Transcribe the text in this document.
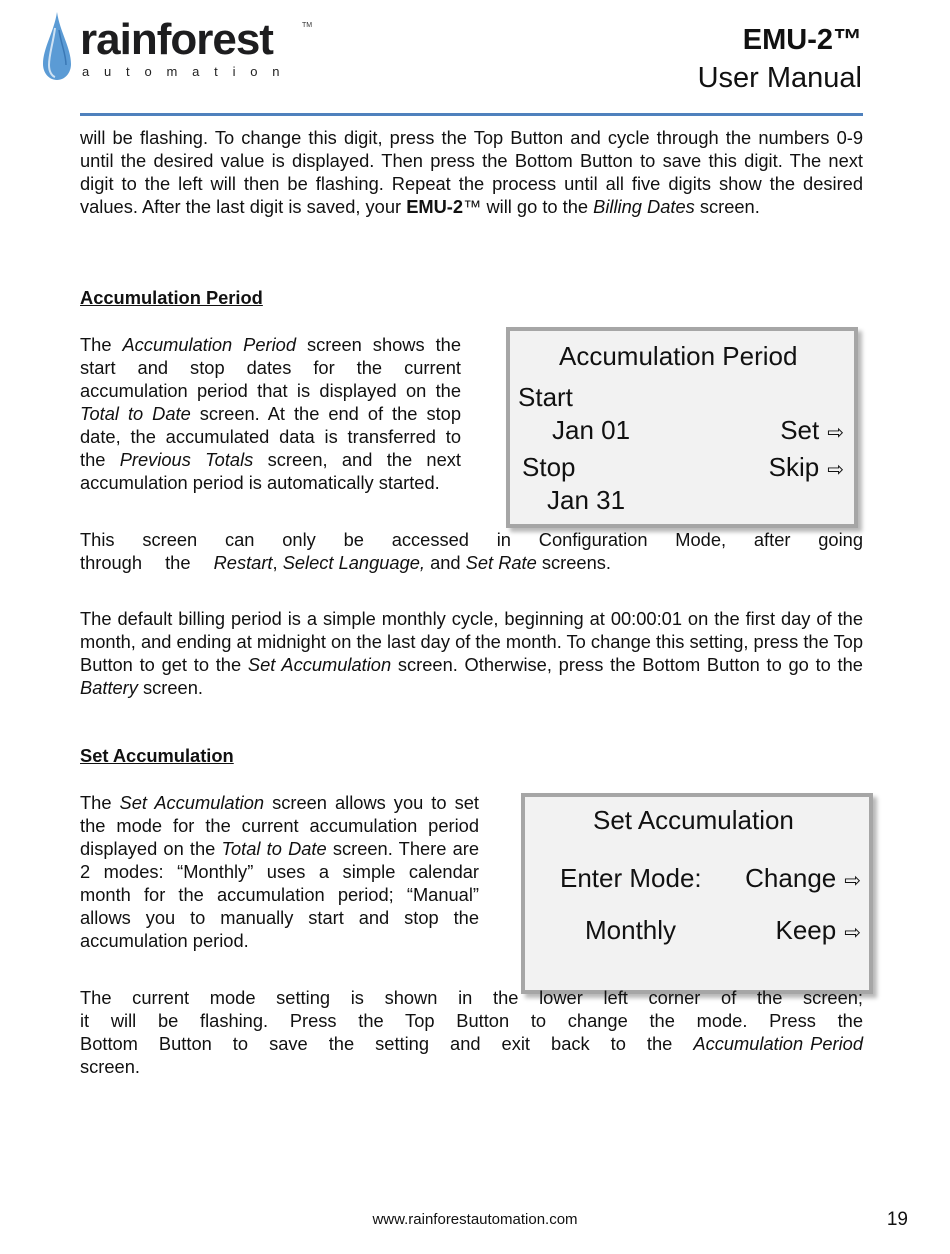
rainforest	TM
automation
EMU-2™
User Manual

will be flashing. To change this digit, press the Top Button and cycle through the numbers 0-9 until the desired value is displayed. Then press the Bottom Button to save this digit. The next digit to the left will then be flashing. Repeat the process until all five digits show the desired values. After the last digit is saved, your EMU-2™ will go to the Billing Dates screen.

Accumulation Period

The Accumulation Period screen shows the start and stop dates for the current accumulation period that is displayed on the Total to Date screen. At the end of the stop date, the accumulated data is transferred to the Previous Totals screen, and the next accumulation period is automatically started.

Accumulation Period
Start
Jan 01	Set ⇨
Stop	Skip ⇨
Jan 31

This screen can only be accessed in Configuration Mode, after going through the Restart, Select Language, and Set Rate screens.

The default billing period is a simple monthly cycle, beginning at 00:00:01 on the first day of the month, and ending at midnight on the last day of the month. To change this setting, press the Top Button to get to the Set Accumulation screen. Otherwise, press the Bottom Button to go to the Battery screen.

Set Accumulation

The Set Accumulation screen allows you to set the mode for the current accumulation period displayed on the Total to Date screen. There are 2 modes: “Monthly” uses a simple calendar month for the accumulation period; “Manual” allows you to manually start and stop the accumulation period.

Set Accumulation
Enter Mode: Change ⇨
Monthly	Keep ⇨

The current mode setting is shown in the lower left corner of the screen; it will be flashing. Press the Top Button to change the mode. Press the Bottom Button to save the setting and exit back to the Accumulation Period screen.

www.rainforestautomation.com	19
